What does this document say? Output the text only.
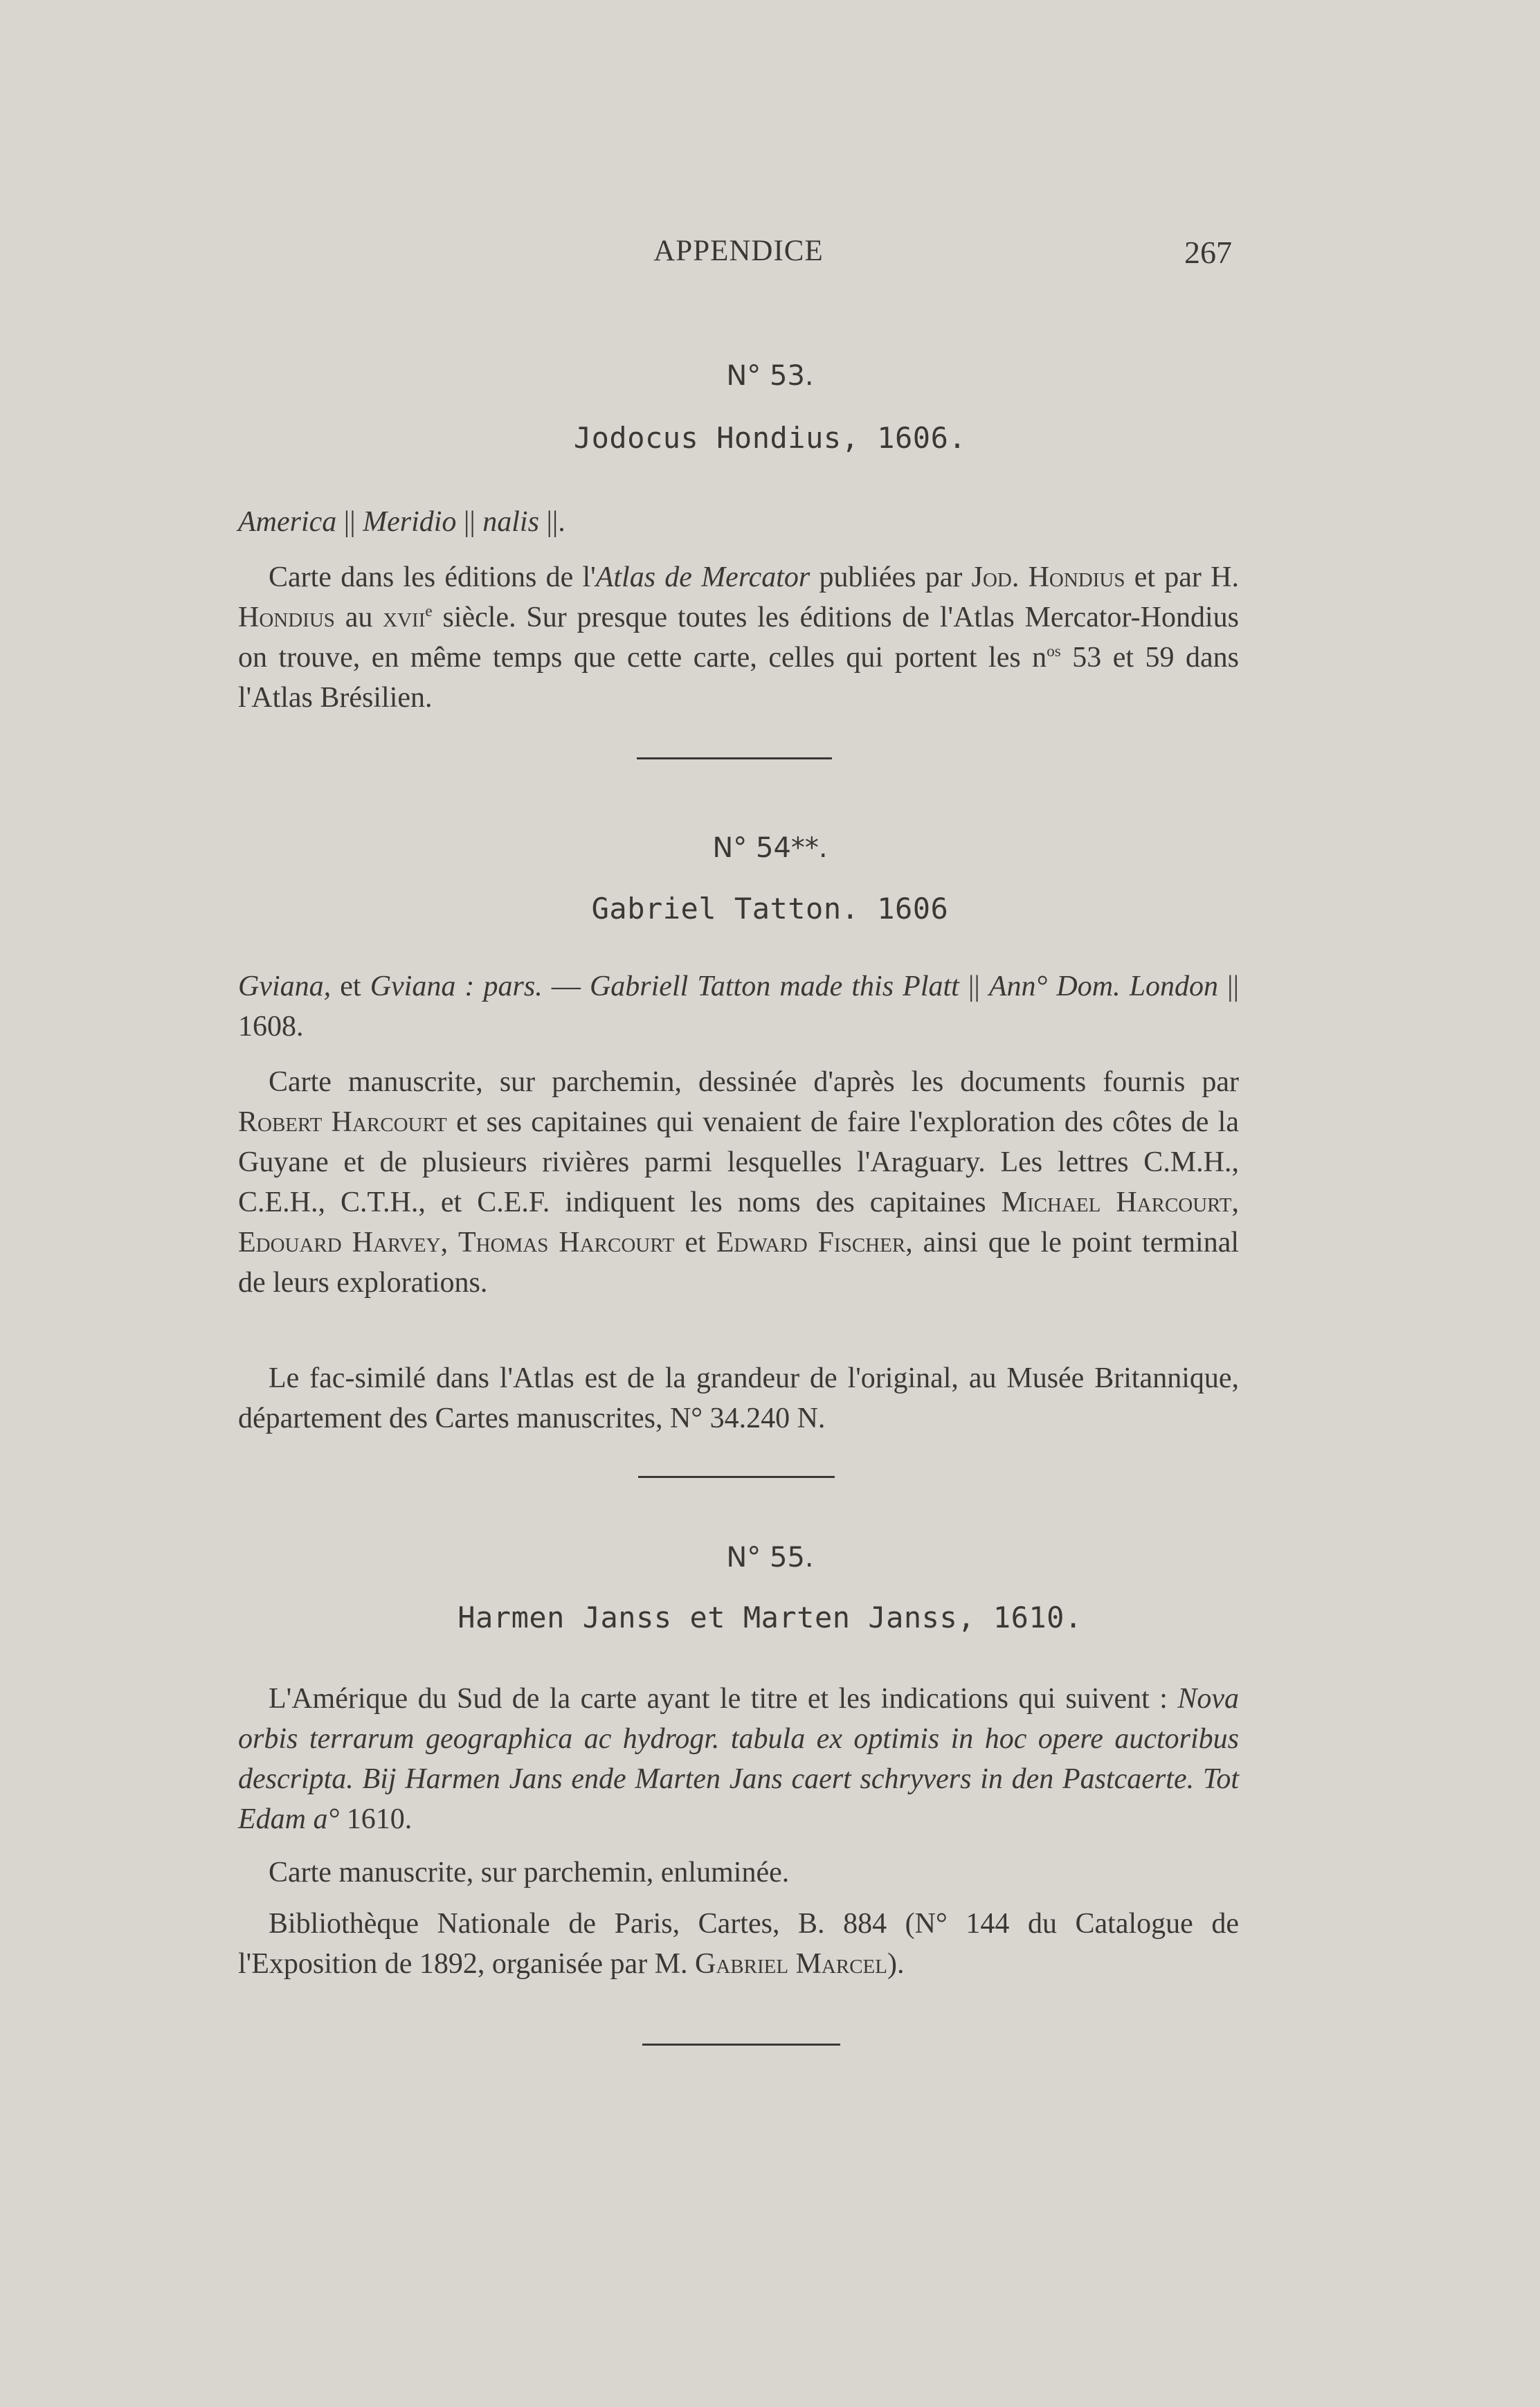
APPENDICE	267
N° 53.
Jodocus Hondius, 1606.

America || Meridio || nalis ||.

Carte dans les éditions de l'Atlas de Mercator publiées par Jod. Hondius et par H. Hondius au xvii$^e$ siècle. Sur presque toutes les éditions de l'Atlas Mercator-Hondius on trouve, en même temps que cette carte, celles qui portent les $n^{os}$ 53 et 59 dans l'Atlas Brésilien.

N° 54**.
Gabriel Tatton. 1606

Gviana, et Gviana : pars. — Gabriell Tatton made this Platt || Ann° Dom. London || 1608.

Carte manuscrite, sur parchemin, dessinée d'après les documents fournis par Robert Harcourt et ses capitaines qui venaient de faire l'exploration des côtes de la Guyane et de plusieurs rivières parmi lesquelles l'Araguary. Les lettres C.M.H., C.E.H., C.T.H., et C.E.F. indiquent les noms des capitaines Michael Harcourt, Edouard Harvey, Thomas Harcourt et Edward Fischer, ainsi que le point terminal de leurs explorations.

Le fac-similé dans l'Atlas est de la grandeur de l'original, au Musée Britannique, département des Cartes manuscrites, N° 34.240 N.

N° 55.
Harmen Janss et Marten Janss, 1610.

L'Amérique du Sud de la carte ayant le titre et les indications qui suivent : Nova orbis terrarum geographica ac hydrogr. tabula ex optimis in hoc opere auctoribus descripta. Bij Harmen Jans ende Marten Jans caert schryvers in den Pastcaerte. Tot Edam a° 1610.

Carte manuscrite, sur parchemin, enluminée.

Bibliothèque Nationale de Paris, Cartes, B. 884 (N° 144 du Catalogue de l'Exposition de 1892, organisée par M. Gabriel Marcel).
